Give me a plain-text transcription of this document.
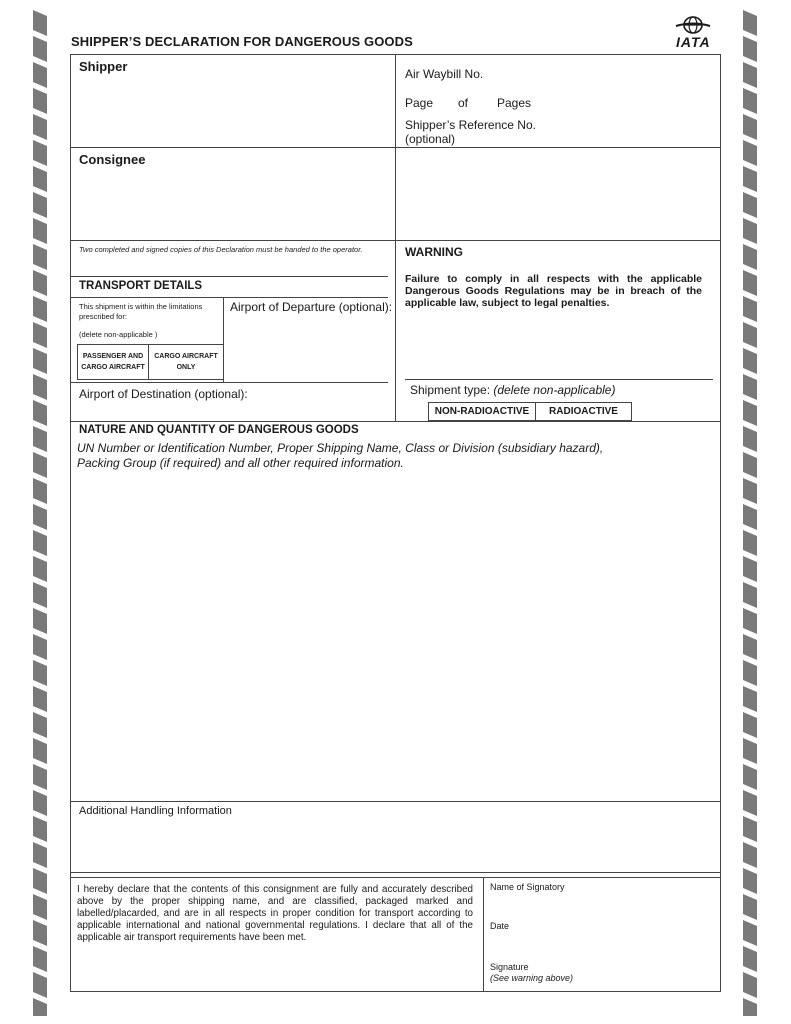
SHIPPER’S DECLARATION FOR DANGEROUS GOODS	IATA
Shipper	Air Waybill No.
Page of Pages
Shipper’s Reference No.
(optional)
Consignee
Two completed and signed copies of this Declaration must be handed to the operator.	WARNING
Failure to comply in all respects with the applicable Dangerous Goods Regulations may be in breach of the applicable law, subject to legal penalties.
TRANSPORT DETAILS
This shipment is within the limitations prescribed for:
(delete non-applicable )
PASSENGER AND CARGO AIRCRAFT
CARGO AIRCRAFT ONLY
Airport of Departure (optional):
Airport of Destination (optional):	Shipment type: (delete non-applicable)
NON-RADIOACTIVE	RADIOACTIVE
NATURE AND QUANTITY OF DANGEROUS GOODS
UN Number or Identification Number, Proper Shipping Name, Class or Division (subsidiary hazard),
Packing Group (if required) and all other required information.
Additional Handling Information
I hereby declare that the contents of this consignment are fully and accurately described above by the proper shipping name, and are classified, packaged marked and labelled/placarded, and are in all respects in proper condition for transport according to applicable international and national governmental regulations. I declare that all of the applicable air transport requirements have been met.
Name of Signatory
Date
Signature
(See warning above)
